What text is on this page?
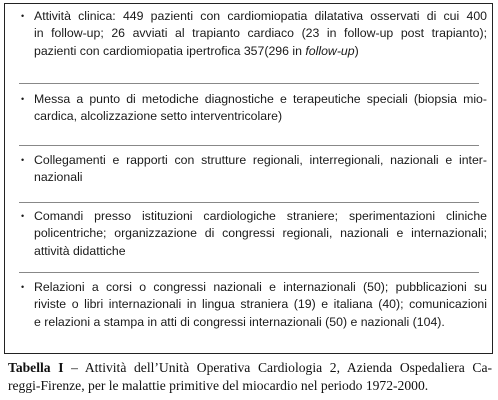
• Attività clinica: 449 pazienti con cardiomiopatia dilatativa osservati di cui 400
in follow-up; 26 avviati al trapianto cardiaco (23 in follow-up post trapianto);
pazienti con cardiomiopatia ipertrofica 357(296 in follow-up)
• Messa a punto di metodiche diagnostiche e terapeutiche speciali (biopsia mio-
cardica, alcolizzazione setto interventricolare)
• Collegamenti e rapporti con strutture regionali, interregionali, nazionali e inter-
nazionali
• Comandi presso istituzioni cardiologiche straniere; sperimentazioni cliniche
policentriche; organizzazione di congressi regionali, nazionali e internazionali;
attività didattiche
• Relazioni a corsi o congressi nazionali e internazionali (50); pubblicazioni su
riviste o libri internazionali in lingua straniera (19) e italiana (40); comunicazioni
e relazioni a stampa in atti di congressi internazionali (50) e nazionali (104).
Tabella I – Attività dell’Unità Operativa Cardiologia 2, Azienda Ospedaliera Ca-
reggi-Firenze, per le malattie primitive del miocardio nel periodo 1972-2000.
